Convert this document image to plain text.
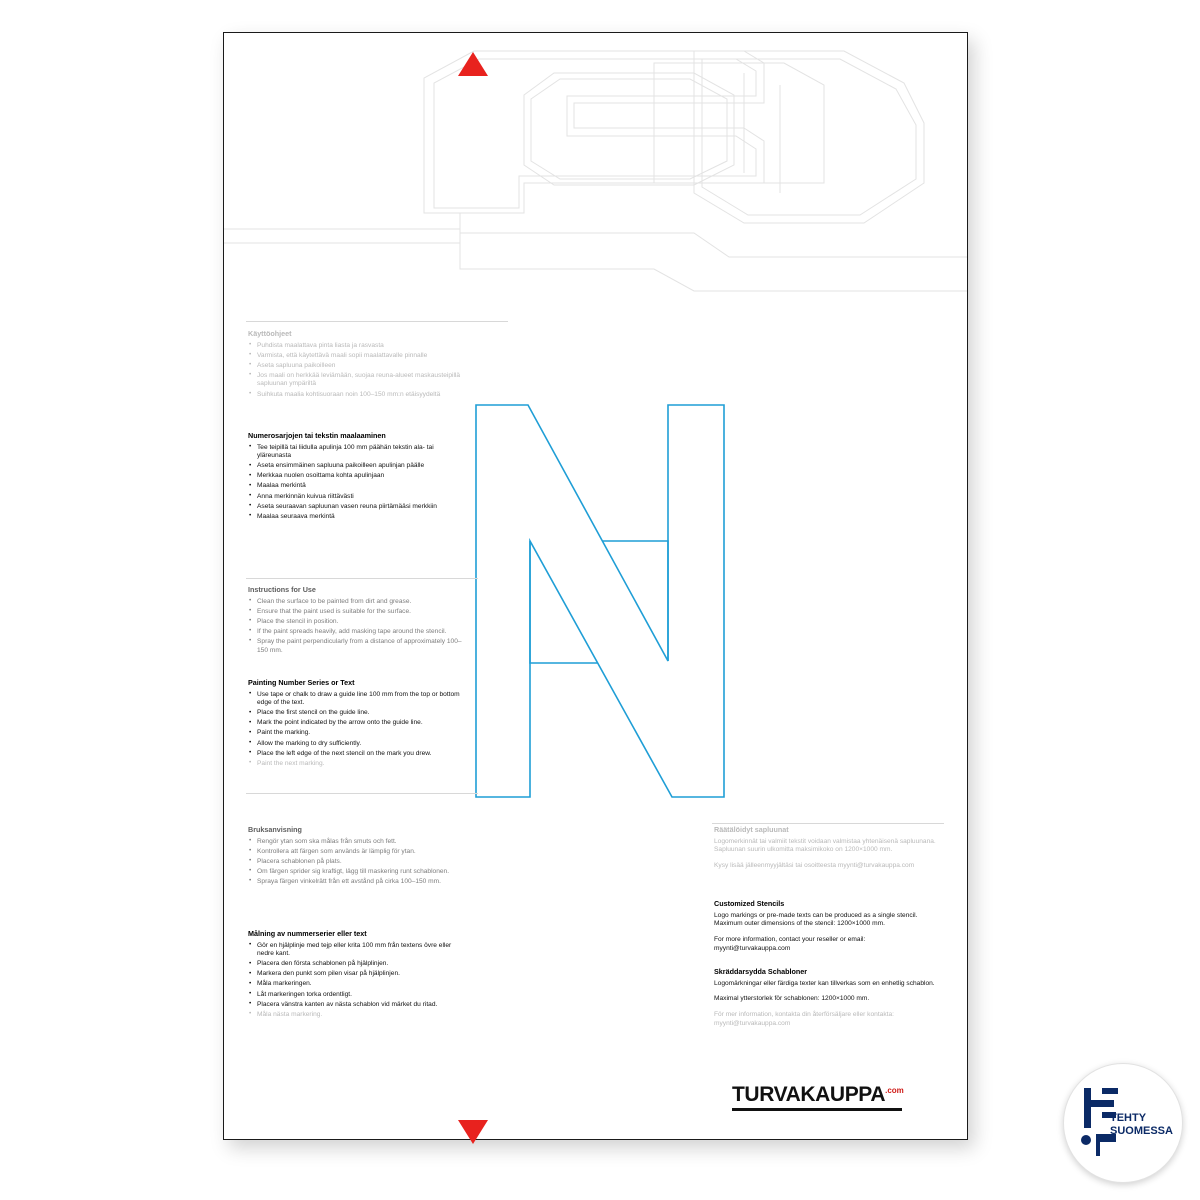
Käyttöohjeet
• Puhdista maalattava pinta liasta ja rasvasta
• Varmista, että käytettävä maali sopii maalattavalle pinnalle
• Aseta sapluuna paikoilleen
• Jos maali on herkkää leviämään, suojaa reuna-alueet maskausteipillä sapluunan ympäriltä
• Suihkuta maalia kohtisuoraan noin 100–150 mm:n etäisyydeltä
Numerosarjojen tai tekstin maalaaminen
• Tee teipillä tai liidulla apulinja 100 mm päähän tekstin ala- tai yläreunasta
• Aseta ensimmäinen sapluuna paikoilleen apulinjan päälle
• Merkkaa nuolen osoittama kohta apulinjaan
• Maalaa merkintä
• Anna merkinnän kuivua riittävästi
• Aseta seuraavan sapluunan vasen reuna piirtämääsi merkkiin
• Maalaa seuraava merkintä
Instructions for Use
• Clean the surface to be painted from dirt and grease.
• Ensure that the paint used is suitable for the surface.
• Place the stencil in position.
• If the paint spreads heavily, add masking tape around the stencil.
• Spray the paint perpendicularly from a distance of approximately 100–150 mm.
Painting Number Series or Text
• Use tape or chalk to draw a guide line 100 mm from the top or bottom edge of the text.
• Place the first stencil on the guide line.
• Mark the point indicated by the arrow onto the guide line.
• Paint the marking.
• Allow the marking to dry sufficiently.
• Place the left edge of the next stencil on the mark you drew.
• Paint the next marking.
Bruksanvisning
• Rengör ytan som ska målas från smuts och fett.
• Kontrollera att färgen som används är lämplig för ytan.
• Placera schablonen på plats.
• Om färgen sprider sig kraftigt, lägg till maskering runt schablonen.
• Spraya färgen vinkelrätt från ett avstånd på cirka 100–150 mm.
Målning av nummerserier eller text
• Gör en hjälplinje med tejp eller krita 100 mm från textens övre eller nedre kant.
• Placera den första schablonen på hjälplinjen.
• Markera den punkt som pilen visar på hjälplinjen.
• Måla markeringen.
• Låt markeringen torka ordentligt.
• Placera vänstra kanten av nästa schablon vid märket du ritad.
• Måla nästa markering.
Räätälöidyt sapluunat

Logomerkinnät tai valmiit tekstit voidaan valmistaa yhtenäisenä sapluunana. Sapluunan suurin ulkomitta maksimikoko on 1200×1000 mm.

Kysy lisää jälleenmyyjältäsi tai osoitteesta myynti@turvakauppa.com

Customized Stencils

Logo markings or pre-made texts can be produced as a single stencil. Maximum outer dimensions of the stencil: 1200×1000 mm.

For more information, contact your reseller or email: myynti@turvakauppa.com

Skräddarsydda Schabloner

Logomärkningar eller färdiga texter kan tillverkas som en enhetlig schablon.

Maximal ytterstorlek för schablonen: 1200×1000 mm.

För mer information, kontakta din återförsäljare eller kontakta: myynti@turvakauppa.com

$TURVAKAUPPA^{.com}$
TEHTY
SUOMESSA
